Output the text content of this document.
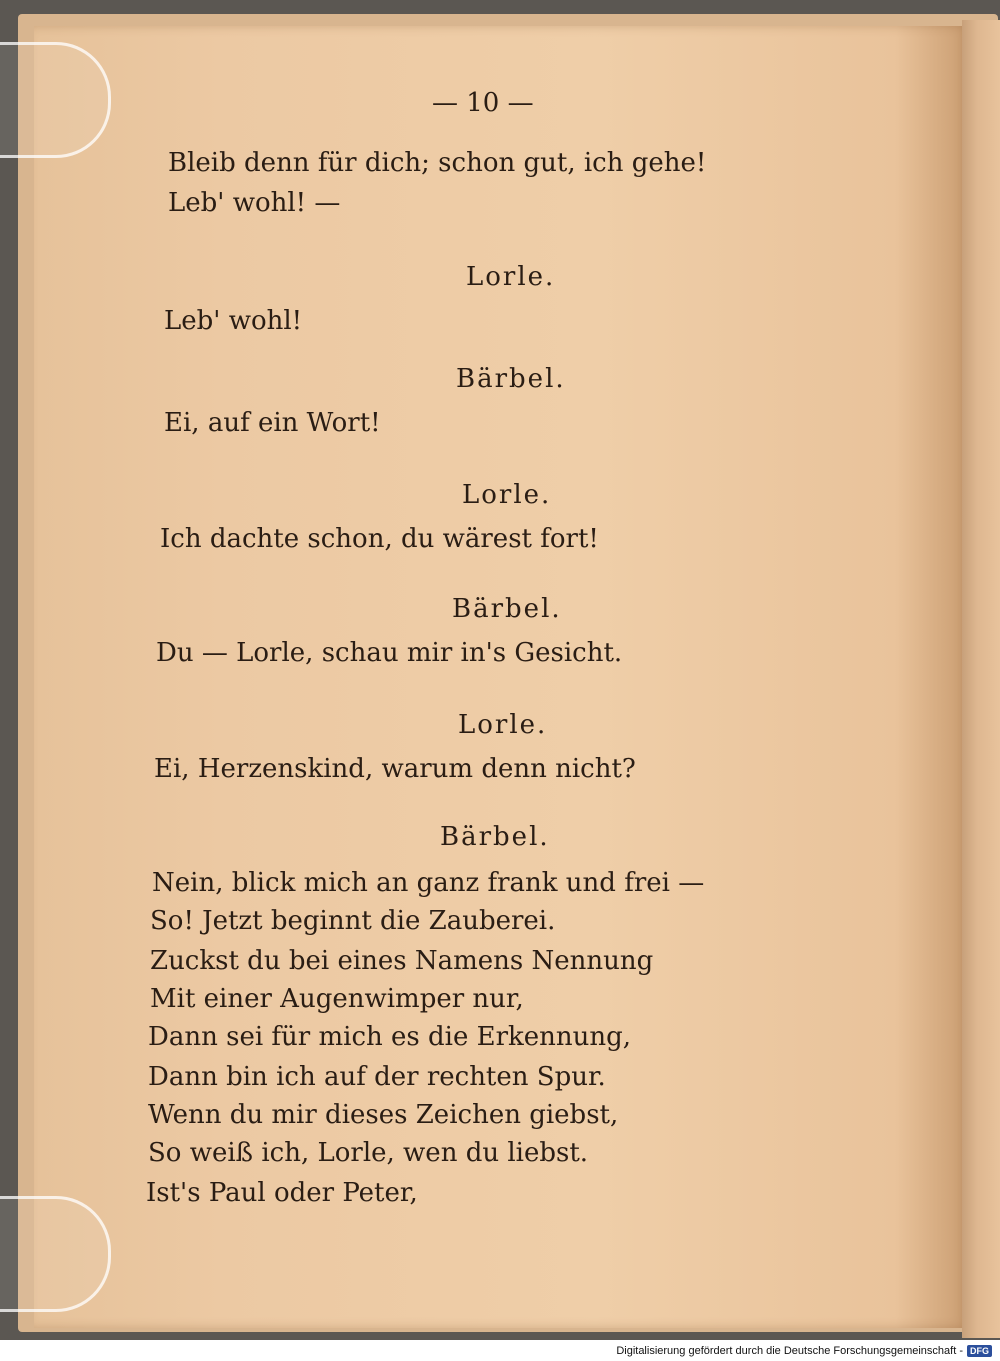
— 10 —
Bleib denn für dich; schon gut, ich gehe!
Leb' wohl! —
Lorle.
Leb' wohl!
Bärbel.
Ei, auf ein Wort!
Lorle.
Ich dachte schon, du wärest fort!
Bärbel.
Du — Lorle, schau mir in's Gesicht.
Lorle.
Ei, Herzenskind, warum denn nicht?
Bärbel.
Nein, blick mich an ganz frank und frei —
So! Jetzt beginnt die Zauberei.
Zuckst du bei eines Namens Nennung
Mit einer Augenwimper nur,
Dann sei für mich es die Erkennung,
Dann bin ich auf der rechten Spur.
Wenn du mir dieses Zeichen giebst,
So weiß ich, Lorle, wen du liebst.
Ist's Paul oder Peter,
Digitalisierung gefördert durch die Deutsche Forschungsgemeinschaft - DFG
